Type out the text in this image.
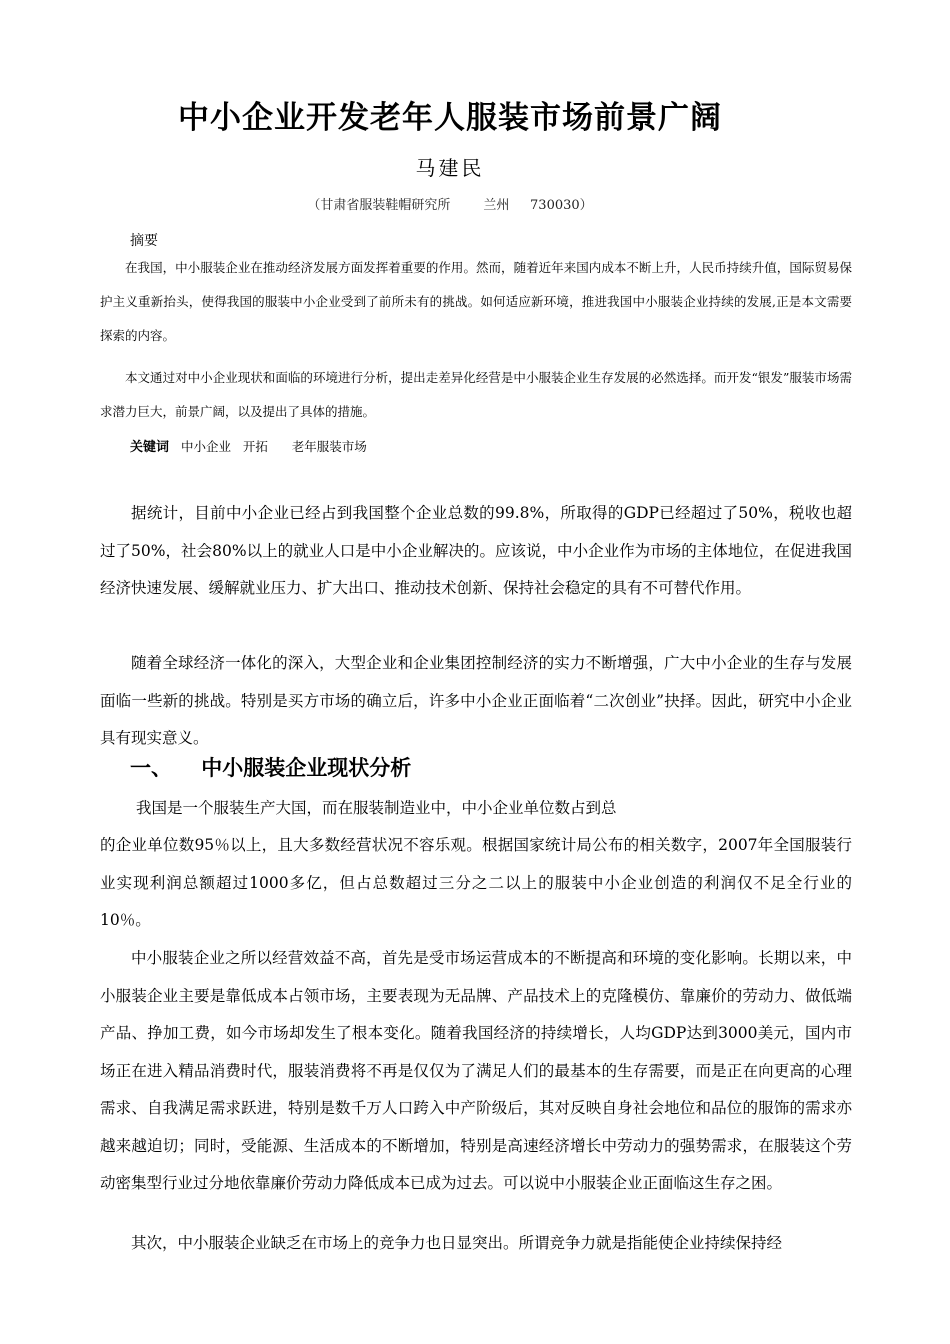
中小企业开发老年人服装市场前景广阔
马建民
（甘肃省服装鞋帽研究所        兰州     730030）
摘要
在我国，中小服装企业在推动经济发展方面发挥着重要的作用。然而，随着近年来国内成本不断上升，人民币持续升值，国际贸易保护主义重新抬头，使得我国的服装中小企业受到了前所未有的挑战。如何适应新环境，推进我国中小服装企业持续的发展,正是本文需要探索的内容。
本文通过对中小企业现状和面临的环境进行分析，提出走差异化经营是中小服装企业生存发展的必然选择。而开发“银发”服装市场需求潜力巨大，前景广阔，以及提出了具体的措施。
关键词 中小企业   开拓      老年服装市场
据统计，目前中小企业已经占到我国整个企业总数的99.8%，所取得的GDP已经超过了50%，税收也超过了50%，社会80%以上的就业人口是中小企业解决的。应该说，中小企业作为市场的主体地位，在促进我国经济快速发展、缓解就业压力、扩大出口、推动技术创新、保持社会稳定的具有不可替代作用。
随着全球经济一体化的深入，大型企业和企业集团控制经济的实力不断增强，广大中小企业的生存与发展面临一些新的挑战。特别是买方市场的确立后，许多中小企业正面临着“二次创业”抉择。因此，研究中小企业具有现实意义。
一、    中小服装企业现状分析
我国是一个服装生产大国，而在服装制造业中，中小企业单位数占到总
的企业单位数95％以上，且大多数经营状况不容乐观。根据国家统计局公布的相关数字，2007年全国服装行业实现利润总额超过1000多亿，但占总数超过三分之二以上的服装中小企业创造的利润仅不足全行业的10％。
中小服装企业之所以经营效益不高，首先是受市场运营成本的不断提高和环境的变化影响。长期以来，中小服装企业主要是靠低成本占领市场，主要表现为无品牌、产品技术上的克隆模仿、靠廉价的劳动力、做低端产品、挣加工费，如今市场却发生了根本变化。随着我国经济的持续增长，人均GDP达到3000美元，国内市场正在进入精品消费时代，服装消费将不再是仅仅为了满足人们的最基本的生存需要，而是正在向更高的心理需求、自我满足需求跃进，特别是数千万人口跨入中产阶级后，其对反映自身社会地位和品位的服饰的需求亦越来越迫切；同时，受能源、生活成本的不断增加，特别是高速经济增长中劳动力的强势需求，在服装这个劳动密集型行业过分地依靠廉价劳动力降低成本已成为过去。可以说中小服装企业正面临这生存之困。
其次，中小服装企业缺乏在市场上的竞争力也日显突出。所谓竞争力就是指能使企业持续保持经
